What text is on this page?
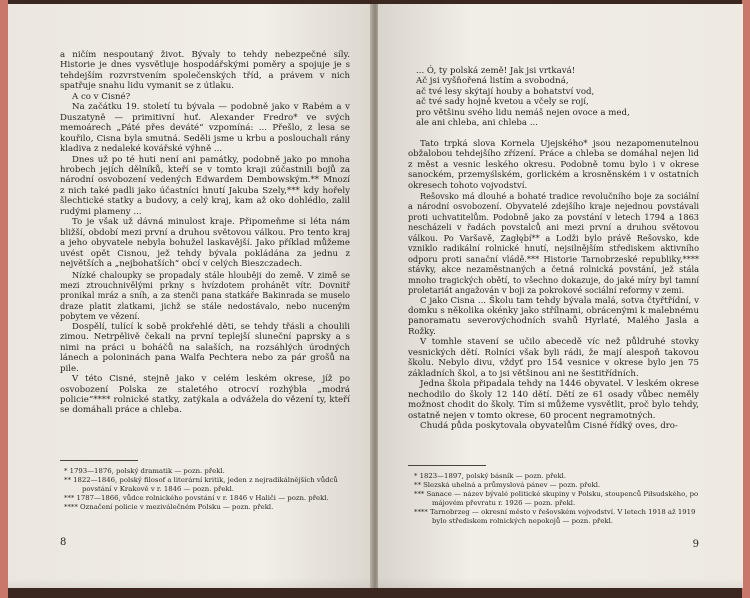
a ničím nespoutaný život. Bývaly to tehdy nebezpečné síly. Historie je dnes vysvětluje hospodářskými poměry a spojuje je s tehdejším rozvrstvením společenských tříd, a právem v nich spatřuje snahu lidu vymanit se z útlaku.

A co v Cisné?

Na začátku 19. století tu bývala — podobně jako v Rabém a v Duszatyně — primitivní huť. Alexander Fredro* ve svých memoárech „Páté přes deváté“ vzpomíná: ... Přešlo, z lesa se kouřilo, Cisna byla smutná. Seděli jsme u krbu a poslouchali rány kladiva z nedaleké kovářské výhně ...

Dnes už po té huti není ani památky, podobně jako po mnoha hrobech jejích dělníků, kteří se v tomto kraji zúčastnili bojů za národní osvobození vedených Edwardem Dembowským.** Mnozí z nich také padli jako účastníci hnutí Jakuba Szely,*** kdy hořely šlechtické statky a budovy, a celý kraj, kam až oko dohlédlo, zalil rudými plameny ...

To je však už dávná minulost kraje. Připomeňme si léta nám bližší, období mezi první a druhou světovou válkou. Pro tento kraj a jeho obyvatele nebyla bohužel laskavější. Jako příklad můžeme uvést opět Cisnou, jež tehdy bývala pokládána za jednu z největších a „nejbohatších“ obcí v celých Bieszczadech.

Nízké chaloupky se propadaly stále hlouběji do země. V zimě se mezi ztrouchnivělými prkny s hvízdotem prohánět vítr. Dovnitř pronikal mráz a sníh, a za stenči pana statkáře Bakinrada se muselo draze platit zlatkami, jichž se stále nedostávalo, nebo nuceným pobytem ve vězení.

Dospělí, tulící k sobě prokřehlé děti, se tehdy třásli a choulili zimou. Netrpělivě čekali na první teplejší sluneční paprsky a s nimi na práci u boháčů na salaších, na rozsáhlých úrodných lánech a poloninách pana Walfa Pechtera nebo za pár grošů na pile.

V této Cisné, stejně jako v celém leském okrese, jíž po osvobození Polska ze staletého otrocví rozhýbla „modrá policie“**** rolnické statky, zatýkala a odvážela do vězení ty, kteří se domáhali práce a chleba.

* 1793—1876, polský dramatik — pozn. překl.
** 1822—1846, polský filosof a literární kritik, jeden z nejradikálnějších vůdců povstání v Krakově v r. 1846 — pozn. překl.
*** 1787—1866, vůdce rolnického povstání v r. 1846 v Haliči — pozn. překl.
**** Označení policie v meziválečném Polsku — pozn. překl.
8
... Ó, ty polská země! Jak jsi vrtkavá!
Ač jsi vyšňořená listím a svobodná,
ač tvé lesy skýtají houby a bohatství vod,
ač tvé sady hojně kvetou a včely se rojí,
pro většinu svého lidu nemáš nejen ovoce a med,
ale ani chleba, ani chleba ...

Tato trpká slova Kornela Ujejského* jsou nezapomenutelnou obžalobou tehdejšího zřízení. Práce a chleba se domáhal nejen lid z měst a vesnic leského okresu. Podobně tomu bylo i v okrese sanockém, przemyślském, gorlickém a krosněnském i v ostatních okresech tohoto vojvodství.

Rešovsko má dlouhé a bohaté tradice revolučního boje za sociální a národní osvobození. Obyvatelé zdejšího kraje nejednou povstávali proti uchvatitelům. Podobně jako za povstání v letech 1794 a 1863 nescházeli v řadách povstalců ani mezi první a druhou světovou válkou. Po Varšavě, Zagłębí** a Lodži bylo právě Rešovsko, kde vzniklo radikální rolnické hnutí, nejsilnějším střediskem aktivního odporu proti sanační vládě.*** Historie Tarnobrzeské republiky,**** stávky, akce nezaměstnaných a četná rolnická povstání, jež stála mnoho tragických obětí, to všechno dokazuje, do jaké míry byl tamní proletariát angažován v boji za pokrokové sociální reformy v zemi.

C jako Cisna ... Školu tam tehdy bývala malá, sotva čtyřtřídní, v domku s několika okénky jako střílnami, obrácenými k malebnému panoramatu severovýchodních svahů Hyrlaté, Malého Jasla a Rožky.

V tomhle stavení se učilo abecedě víc než půldruhé stovky vesnických dětí. Rolníci však byli rádi, že mají alespoň takovou školu. Nebylo divu, vždyť pro 154 vesnice v okrese bylo jen 75 základních škol, a to jsi většinou ani ne šestitřídních.

Jedna škola připadala tehdy na 1446 obyvatel. V leském okrese nechodilo do školy 12 140 dětí. Dětí ze 61 osady vůbec neměly možnost chodit do školy. Tím si můžeme vysvětlit, proč bylo tehdy, ostatně nejen v tomto okrese, 60 procent negramotných.

Chudá půda poskytovala obyvatelům Cisné řídký oves, dro-

* 1823—1897, polský básník — pozn. překl.
** Slezská uhelná a průmyslová pánev — pozn. překl.
*** Sanace — název bývalé politické skupiny v Polsku, stoupenců Piłsudského, po májovém převratu r. 1926 — pozn. překl.
**** Tarnobrzeg — okresní město v řešovském vojvodství. V letech 1918 až 1919 bylo střediskem rolnických nepokojů — pozn. překl.
9
